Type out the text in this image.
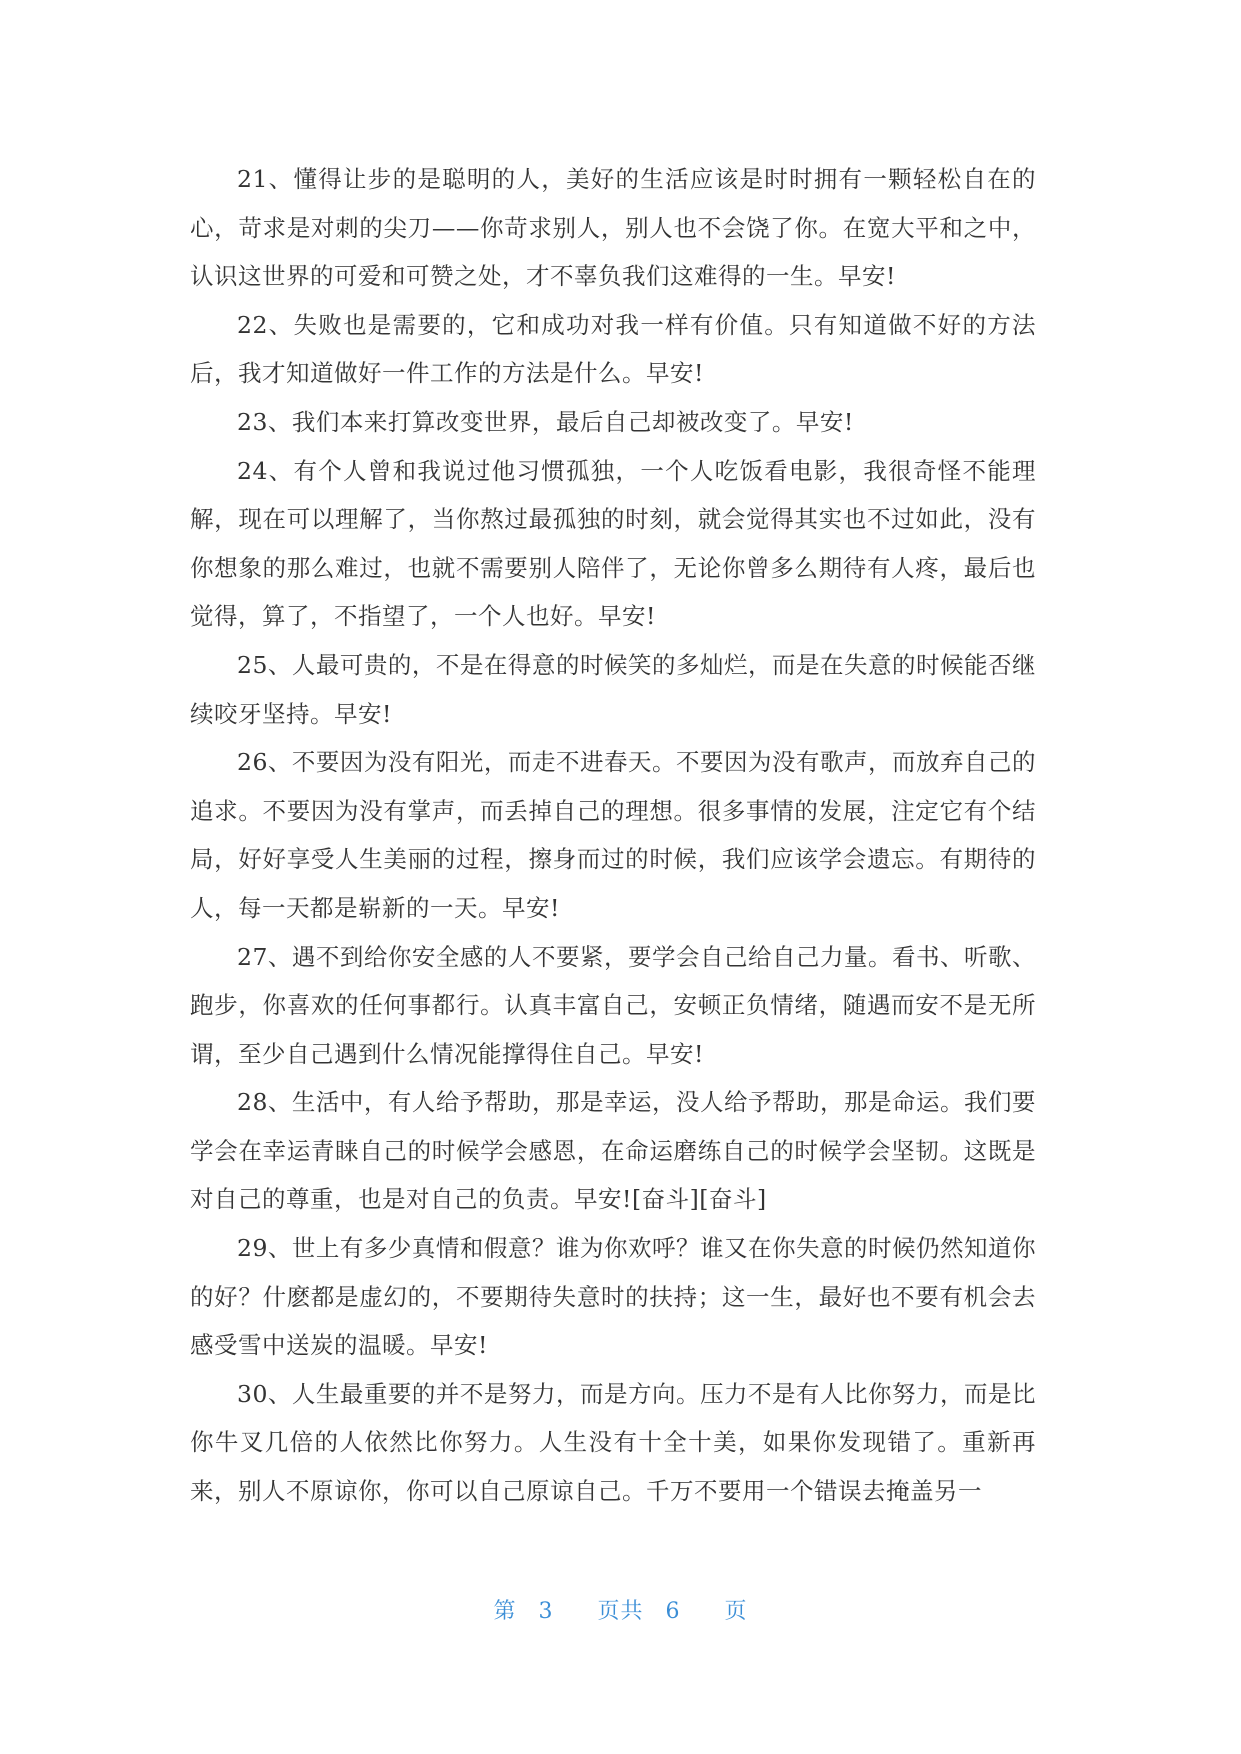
21、懂得让步的是聪明的人，美好的生活应该是时时拥有一颗轻松自在的心，苛求是对刺的尖刀——你苛求别人，别人也不会饶了你。在宽大平和之中，认识这世界的可爱和可赞之处，才不辜负我们这难得的一生。早安!

22、失败也是需要的，它和成功对我一样有价值。只有知道做不好的方法后，我才知道做好一件工作的方法是什么。早安!

23、我们本来打算改变世界，最后自己却被改变了。早安!

24、有个人曾和我说过他习惯孤独，一个人吃饭看电影，我很奇怪不能理解，现在可以理解了，当你熬过最孤独的时刻，就会觉得其实也不过如此，没有你想象的那么难过，也就不需要别人陪伴了，无论你曾多么期待有人疼，最后也觉得，算了，不指望了，一个人也好。早安!

25、人最可贵的，不是在得意的时候笑的多灿烂，而是在失意的时候能否继续咬牙坚持。早安!

26、不要因为没有阳光，而走不进春天。不要因为没有歌声，而放弃自己的追求。不要因为没有掌声，而丢掉自己的理想。很多事情的发展，注定它有个结局，好好享受人生美丽的过程，擦身而过的时候，我们应该学会遗忘。有期待的人，每一天都是崭新的一天。早安!

27、遇不到给你安全感的人不要紧，要学会自己给自己力量。看书、听歌、跑步，你喜欢的任何事都行。认真丰富自己，安顿正负情绪，随遇而安不是无所谓，至少自己遇到什么情况能撑得住自己。早安!

28、生活中，有人给予帮助，那是幸运，没人给予帮助，那是命运。我们要学会在幸运青睐自己的时候学会感恩，在命运磨练自己的时候学会坚韧。这既是对自己的尊重，也是对自己的负责。早安![奋斗][奋斗]

29、世上有多少真情和假意？谁为你欢呼？谁又在你失意的时候仍然知道你的好？什麽都是虚幻的，不要期待失意时的扶持；这一生，最好也不要有机会去感受雪中送炭的温暖。早安!

30、人生最重要的并不是努力，而是方向。压力不是有人比你努力，而是比你牛叉几倍的人依然比你努力。人生没有十全十美，如果你发现错了。重新再来，别人不原谅你，你可以自己原谅自己。千万不要用一个错误去掩盖另一

第 3 页共 6 页
